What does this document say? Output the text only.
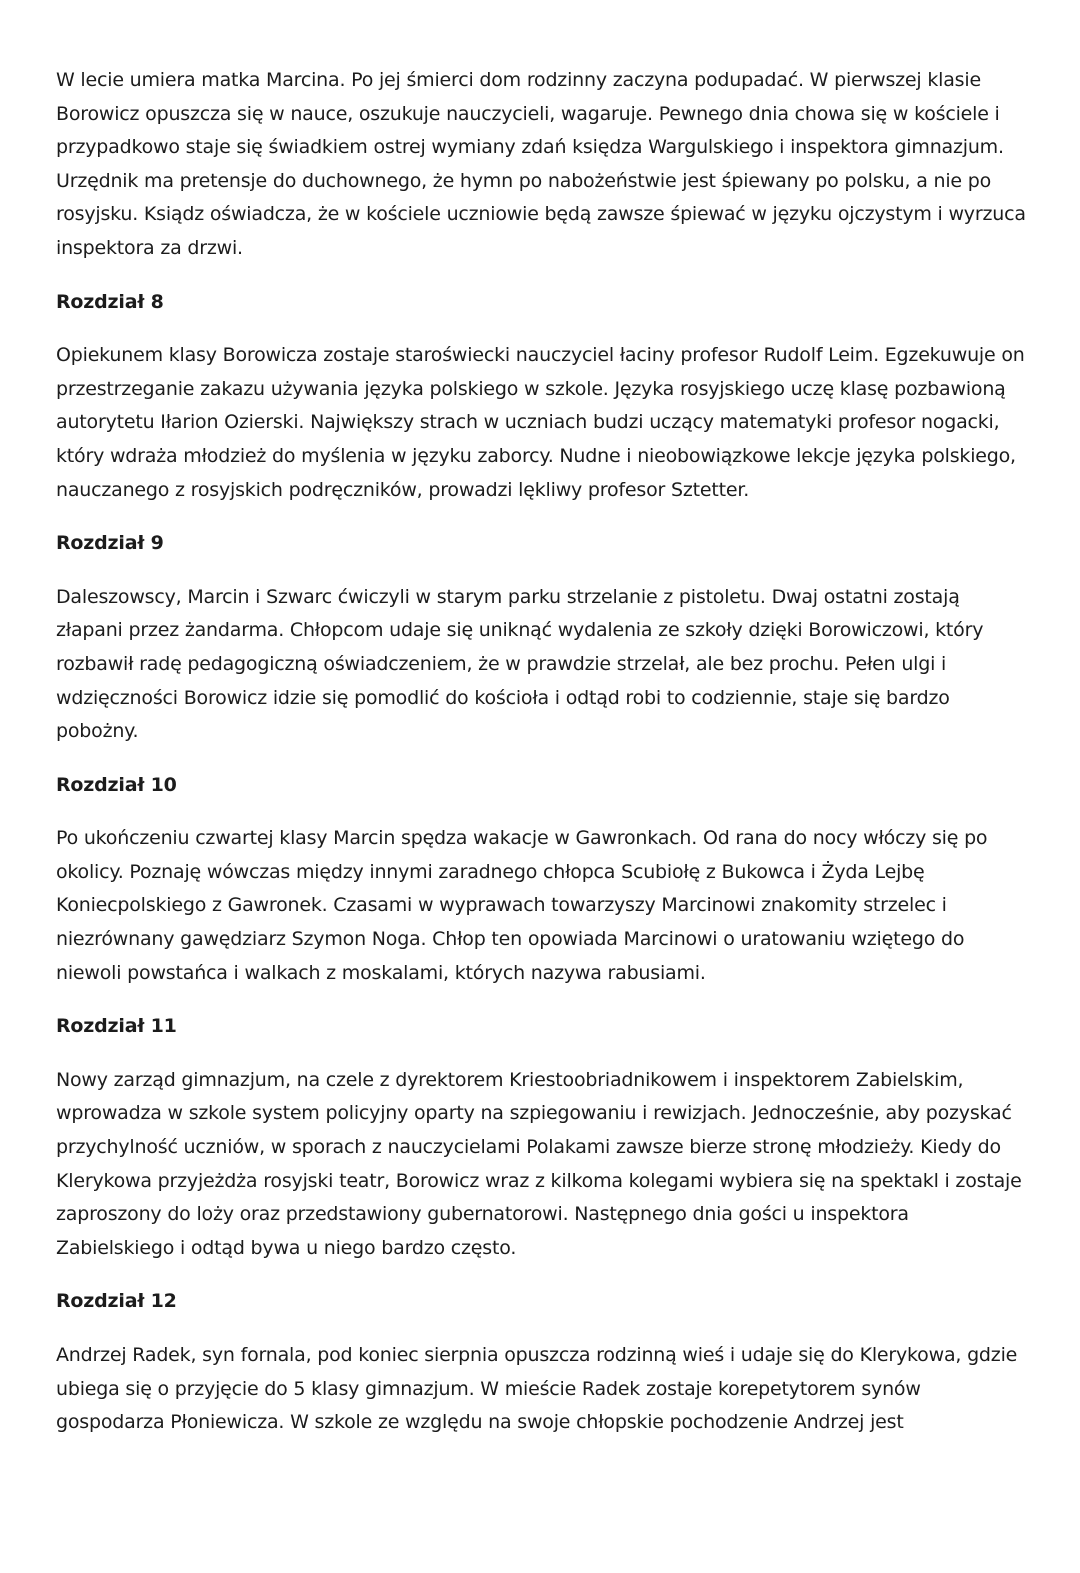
W lecie umiera matka Marcina. Po jej śmierci dom rodzinny zaczyna podupadać. W pierwszej klasie Borowicz opuszcza się w nauce, oszukuje nauczycieli, wagaruje. Pewnego dnia chowa się w kościele i przypadkowo staje się świadkiem ostrej wymiany zdań księdza Wargulskiego i inspektora gimnazjum. Urzędnik ma pretensje do duchownego, że hymn po nabożeństwie jest śpiewany po polsku, a nie po rosyjsku. Ksiądz oświadcza, że w kościele uczniowie będą zawsze śpiewać w języku ojczystym i wyrzuca inspektora za drzwi.

Rozdział 8

Opiekunem klasy Borowicza zostaje staroświecki nauczyciel łaciny profesor Rudolf Leim. Egzekuwuje on przestrzeganie zakazu używania języka polskiego w szkole. Języka rosyjskiego uczę klasę pozbawioną autorytetu Iłarion Ozierski. Największy strach w uczniach budzi uczący matematyki profesor nogacki, który wdraża młodzież do myślenia w języku zaborcy. Nudne i nieobowiązkowe lekcje języka polskiego, nauczanego z rosyjskich podręczników, prowadzi lękliwy profesor Sztetter.

Rozdział 9

Daleszowscy, Marcin i Szwarc ćwiczyli w starym parku strzelanie z pistoletu. Dwaj ostatni zostają złapani przez żandarma. Chłopcom udaje się uniknąć wydalenia ze szkoły dzięki Borowiczowi, który rozbawił radę pedagogiczną oświadczeniem, że w prawdzie strzelał, ale bez prochu. Pełen ulgi i wdzięczności Borowicz idzie się pomodlić do kościoła i odtąd robi to codziennie, staje się bardzo pobożny.

Rozdział 10

Po ukończeniu czwartej klasy Marcin spędza wakacje w Gawronkach. Od rana do nocy włóczy się po okolicy. Poznaję wówczas między innymi zaradnego chłopca Scubiołę z Bukowca i Żyda Lejbę Koniecpolskiego z Gawronek. Czasami w wyprawach towarzyszy Marcinowi znakomity strzelec i niezrównany gawędziarz Szymon Noga. Chłop ten opowiada Marcinowi o uratowaniu wziętego do niewoli powstańca i walkach z moskalami, których nazywa rabusiami.

Rozdział 11

Nowy zarząd gimnazjum, na czele z dyrektorem Kriestoobriadnikowem i inspektorem Zabielskim, wprowadza w szkole system policyjny oparty na szpiegowaniu i rewizjach. Jednocześnie, aby pozyskać przychylność uczniów, w sporach z nauczycielami Polakami zawsze bierze stronę młodzieży. Kiedy do Klerykowa przyjeżdża rosyjski teatr, Borowicz wraz z kilkoma kolegami wybiera się na spektakl i zostaje zaproszony do loży oraz przedstawiony gubernatorowi. Następnego dnia gości u inspektora Zabielskiego i odtąd bywa u niego bardzo często.

Rozdział 12

Andrzej Radek, syn fornala, pod koniec sierpnia opuszcza rodzinną wieś i udaje się do Klerykowa, gdzie ubiega się o przyjęcie do 5 klasy gimnazjum. W mieście Radek zostaje korepetytorem synów gospodarza Płoniewicza. W szkole ze względu na swoje chłopskie pochodzenie Andrzej jest
